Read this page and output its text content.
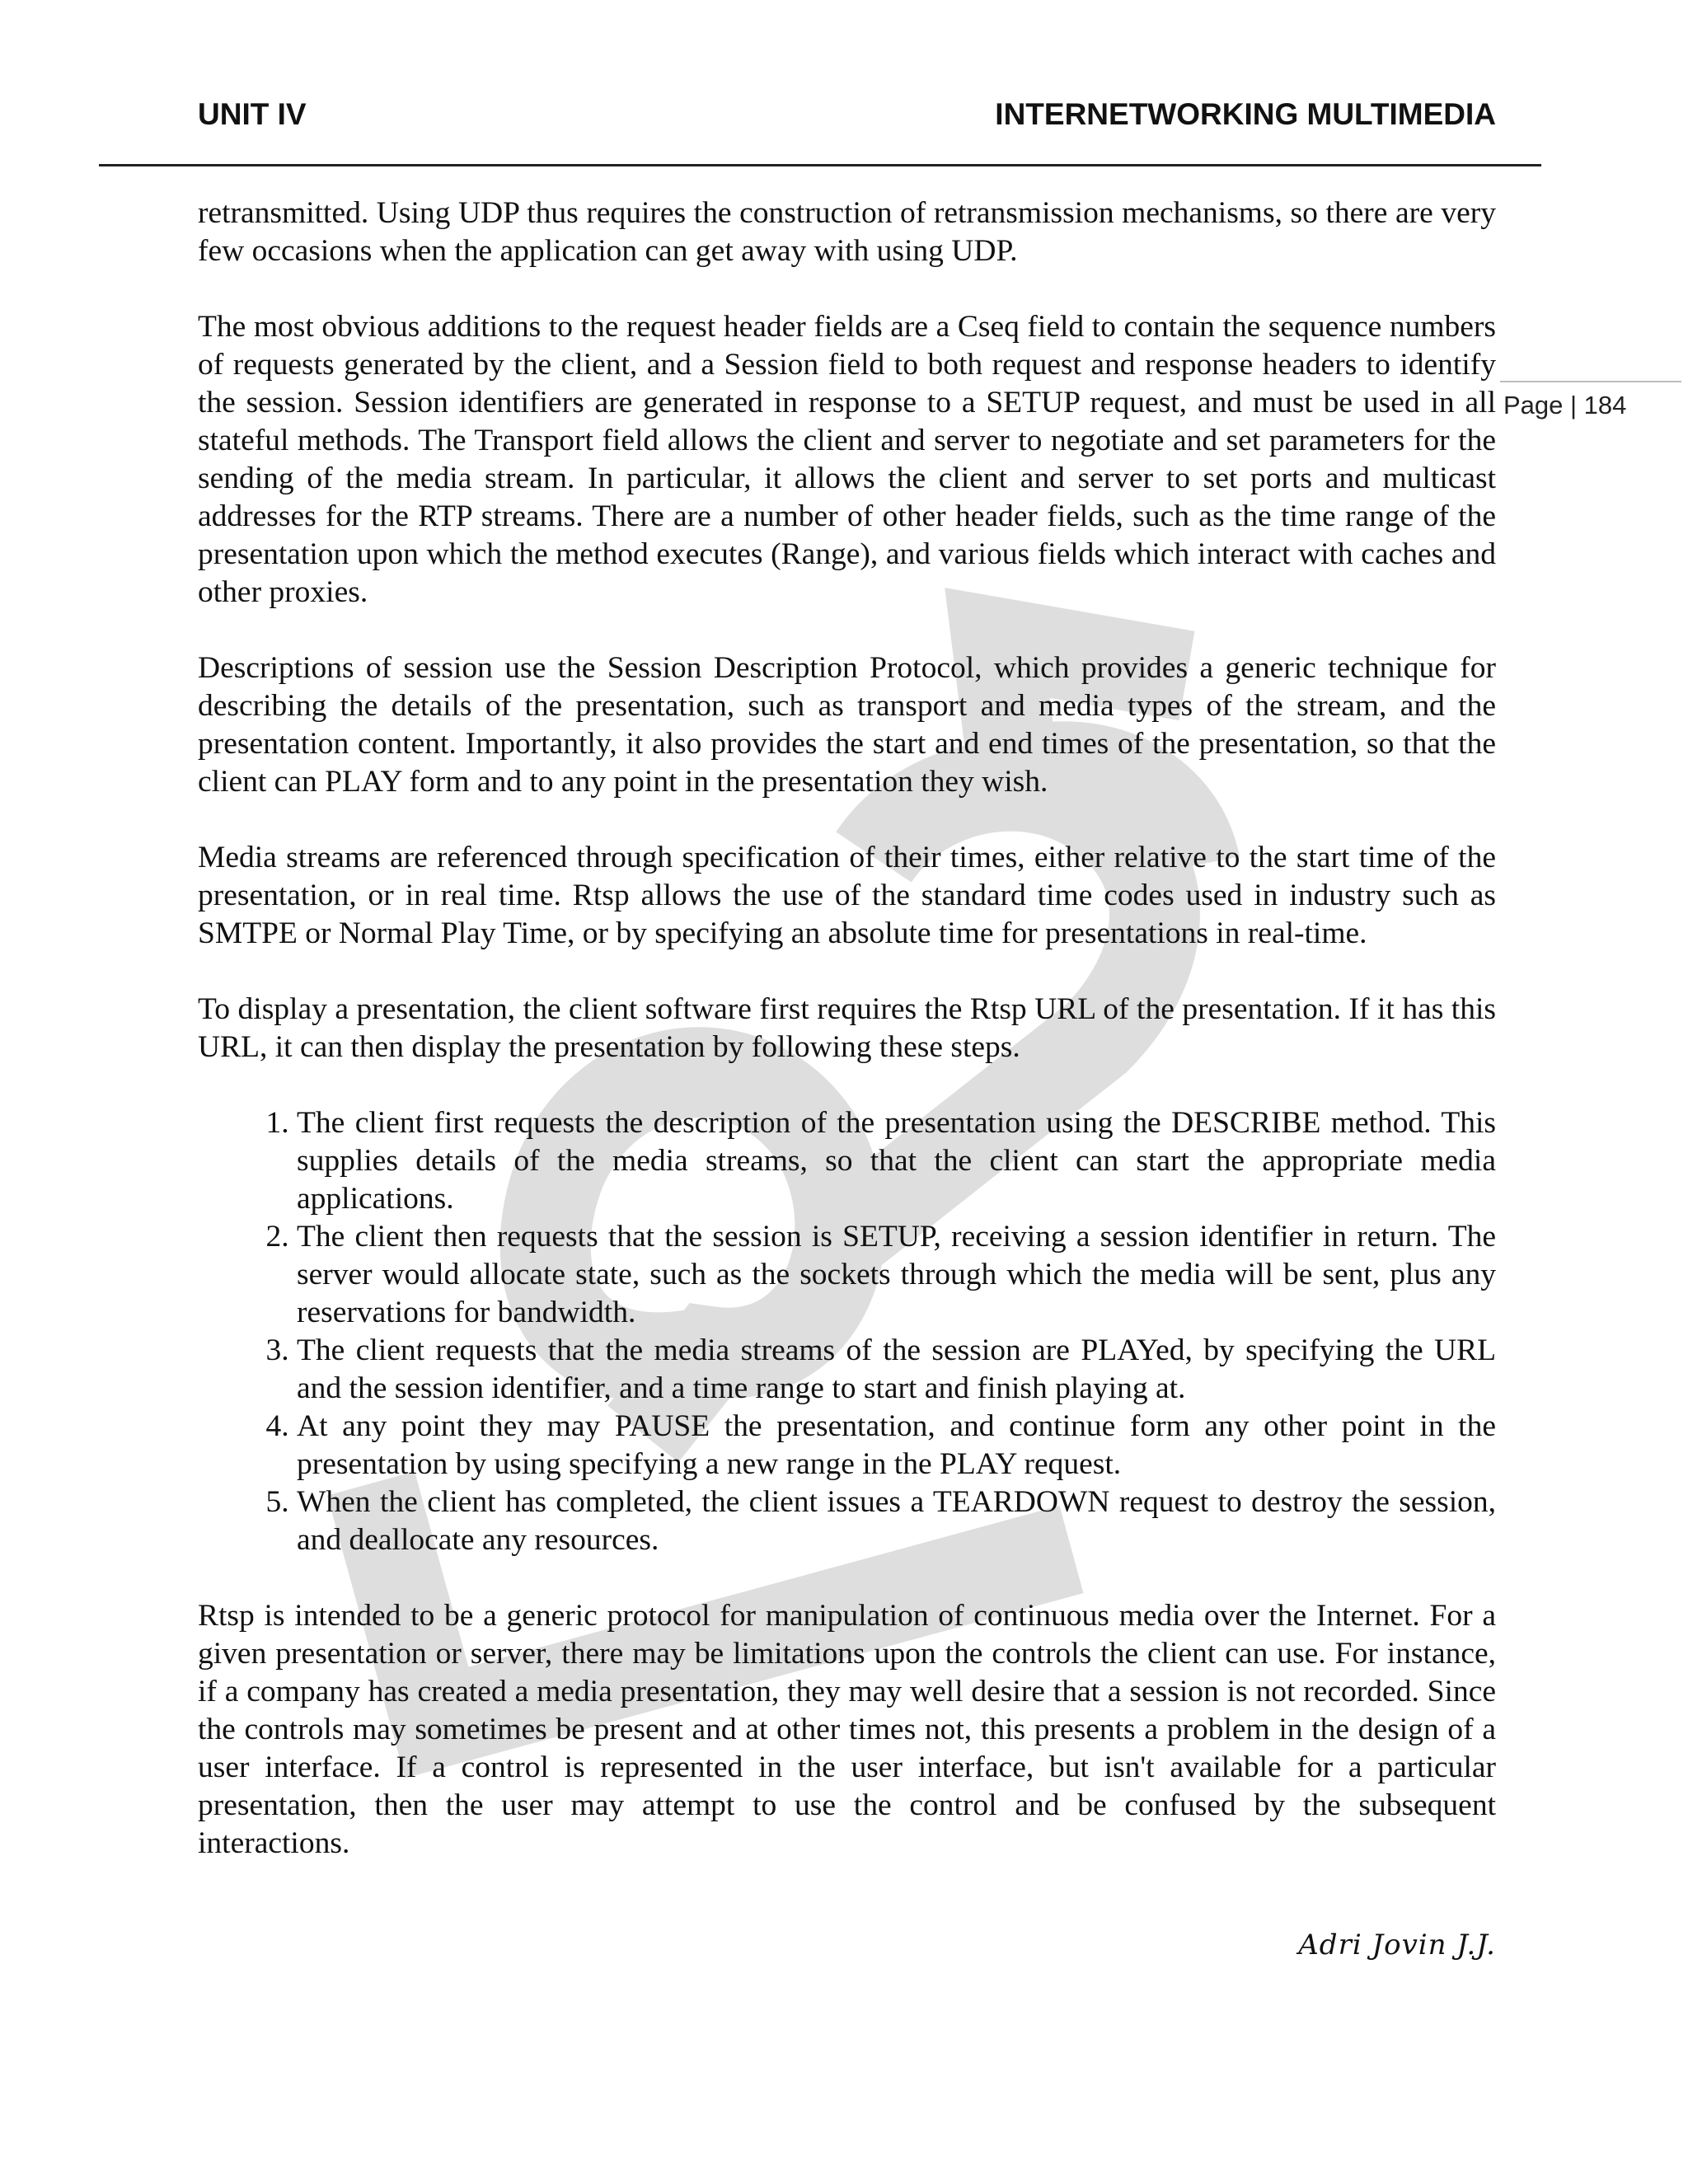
UNIT IV	INTERNETWORKING MULTIMEDIA
Page | 184

retransmitted. Using UDP thus requires the construction of retransmission mechanisms, so there are very few occasions when the application can get away with using UDP.

The most obvious additions to the request header fields are a Cseq field to contain the sequence numbers of requests generated by the client, and a Session field to both request and response headers to identify the session. Session identifiers are generated in response to a SETUP request, and must be used in all stateful methods. The Transport field allows the client and server to negotiate and set parameters for the sending of the media stream. In particular, it allows the client and server to set ports and multicast addresses for the RTP streams. There are a number of other header fields, such as the time range of the presentation upon which the method executes (Range), and various fields which interact with caches and other proxies.

Descriptions of session use the Session Description Protocol, which provides a generic technique for describing the details of the presentation, such as transport and media types of the stream, and the presentation content. Importantly, it also provides the start and end times of the presentation, so that the client can PLAY form and to any point in the presentation they wish.

Media streams are referenced through specification of their times, either relative to the start time of the presentation, or in real time. Rtsp allows the use of the standard time codes used in industry such as SMTPE or Normal Play Time, or by specifying an absolute time for presentations in real-time.

To display a presentation, the client software first requires the Rtsp URL of the presentation. If it has this URL, it can then display the presentation by following these steps.

1. The client first requests the description of the presentation using the DESCRIBE method. This supplies details of the media streams, so that the client can start the appropriate media applications.
2. The client then requests that the session is SETUP, receiving a session identifier in return. The server would allocate state, such as the sockets through which the media will be sent, plus any reservations for bandwidth.
3. The client requests that the media streams of the session are PLAYed, by specifying the URL and the session identifier, and a time range to start and finish playing at.
4. At any point they may PAUSE the presentation, and continue form any other point in the presentation by using specifying a new range in the PLAY request.
5. When the client has completed, the client issues a TEARDOWN request to destroy the session, and deallocate any resources.

Rtsp is intended to be a generic protocol for manipulation of continuous media over the Internet. For a given presentation or server, there may be limitations upon the controls the client can use. For instance, if a company has created a media presentation, they may well desire that a session is not recorded. Since the controls may sometimes be present and at other times not, this presents a problem in the design of a user interface. If a control is represented in the user interface, but isn't available for a particular presentation, then the user may attempt to use the control and be confused by the subsequent interactions.

Adri Jovin J.J.
